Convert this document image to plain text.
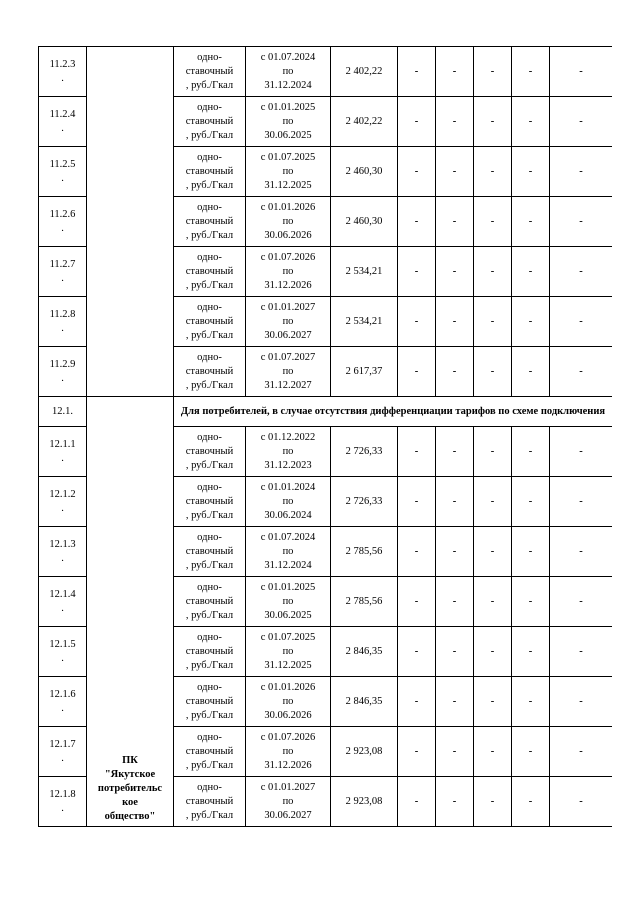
11.2.3
.		одно-
ставочный
, руб./Гкал	с 01.07.2024
по
31.12.2024	2 402,22	-	-	-	-	-
11.2.4
.		одно-
ставочный
, руб./Гкал	с 01.01.2025
по
30.06.2025	2 402,22	-	-	-	-	-
11.2.5
.		одно-
ставочный
, руб./Гкал	с 01.07.2025
по
31.12.2025	2 460,30	-	-	-	-	-
11.2.6
.		одно-
ставочный
, руб./Гкал	с 01.01.2026
по
30.06.2026	2 460,30	-	-	-	-	-
11.2.7
.		одно-
ставочный
, руб./Гкал	с 01.07.2026
по
31.12.2026	2 534,21	-	-	-	-	-
11.2.8
.		одно-
ставочный
, руб./Гкал	с 01.01.2027
по
30.06.2027	2 534,21	-	-	-	-	-
11.2.9
.		одно-
ставочный
, руб./Гкал	с 01.07.2027
по
31.12.2027	2 617,37	-	-	-	-	-
12.1.	ПК
"Якутское
потребительс
кое
общество"	Для потребителей, в случае отсутствия дифференциации тарифов по схеме подключения							
12.1.1
.		одно-
ставочный
, руб./Гкал	с 01.12.2022
по
31.12.2023	2 726,33	-	-	-	-	-
12.1.2
.		одно-
ставочный
, руб./Гкал	с 01.01.2024
по
30.06.2024	2 726,33	-	-	-	-	-
12.1.3
.		одно-
ставочный
, руб./Гкал	с 01.07.2024
по
31.12.2024	2 785,56	-	-	-	-	-
12.1.4
.		одно-
ставочный
, руб./Гкал	с 01.01.2025
по
30.06.2025	2 785,56	-	-	-	-	-
12.1.5
.		одно-
ставочный
, руб./Гкал	с 01.07.2025
по
31.12.2025	2 846,35	-	-	-	-	-
12.1.6
.		одно-
ставочный
, руб./Гкал	с 01.01.2026
по
30.06.2026	2 846,35	-	-	-	-	-
12.1.7
.		одно-
ставочный
, руб./Гкал	с 01.07.2026
по
31.12.2026	2 923,08	-	-	-	-	-
12.1.8
.		одно-
ставочный
, руб./Гкал	с 01.01.2027
по
30.06.2027	2 923,08	-	-	-	-	-
